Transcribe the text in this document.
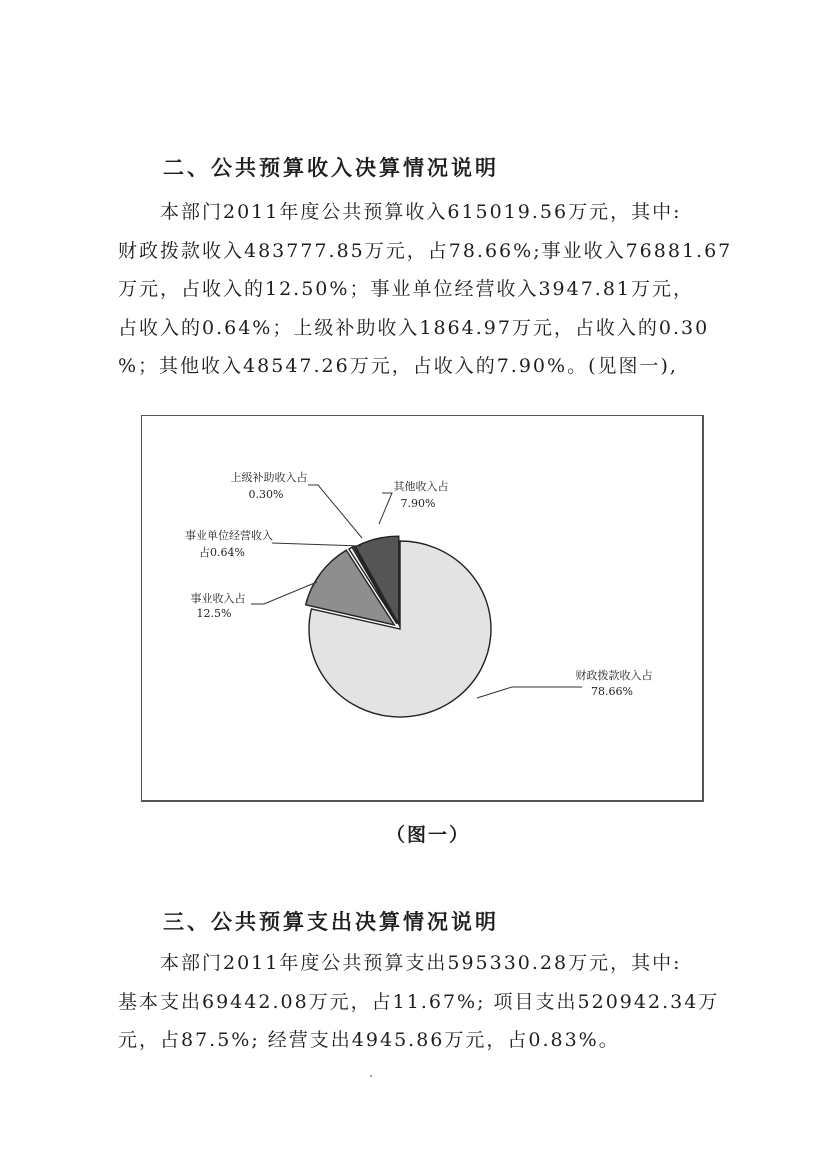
二、公共预算收入决算情况说明
本部门2011年度公共预算收入615019.56万元，其中:
财政拨款收入483777.85万元，占78.66%;事业收入76881.67
万元，占收入的12.50%；事业单位经营收入3947.81万元，
占收入的0.64%；上级补助收入1864.97万元，占收入的0.30
%；其他收入48547.26万元，占收入的7.90%。(见图一),
财政拨款收入占
78.66%
事业收入占
12.5%
事业单位经营收入
占0.64%
上级补助收入占
0.30%
其他收入占
7.90%
（图一）
三、公共预算支出决算情况说明
本部门2011年度公共预算支出595330.28万元，其中:
基本支出69442.08万元，占11.67%; 项目支出520942.34万
元，占87.5%; 经营支出4945.86万元，占0.83%。
